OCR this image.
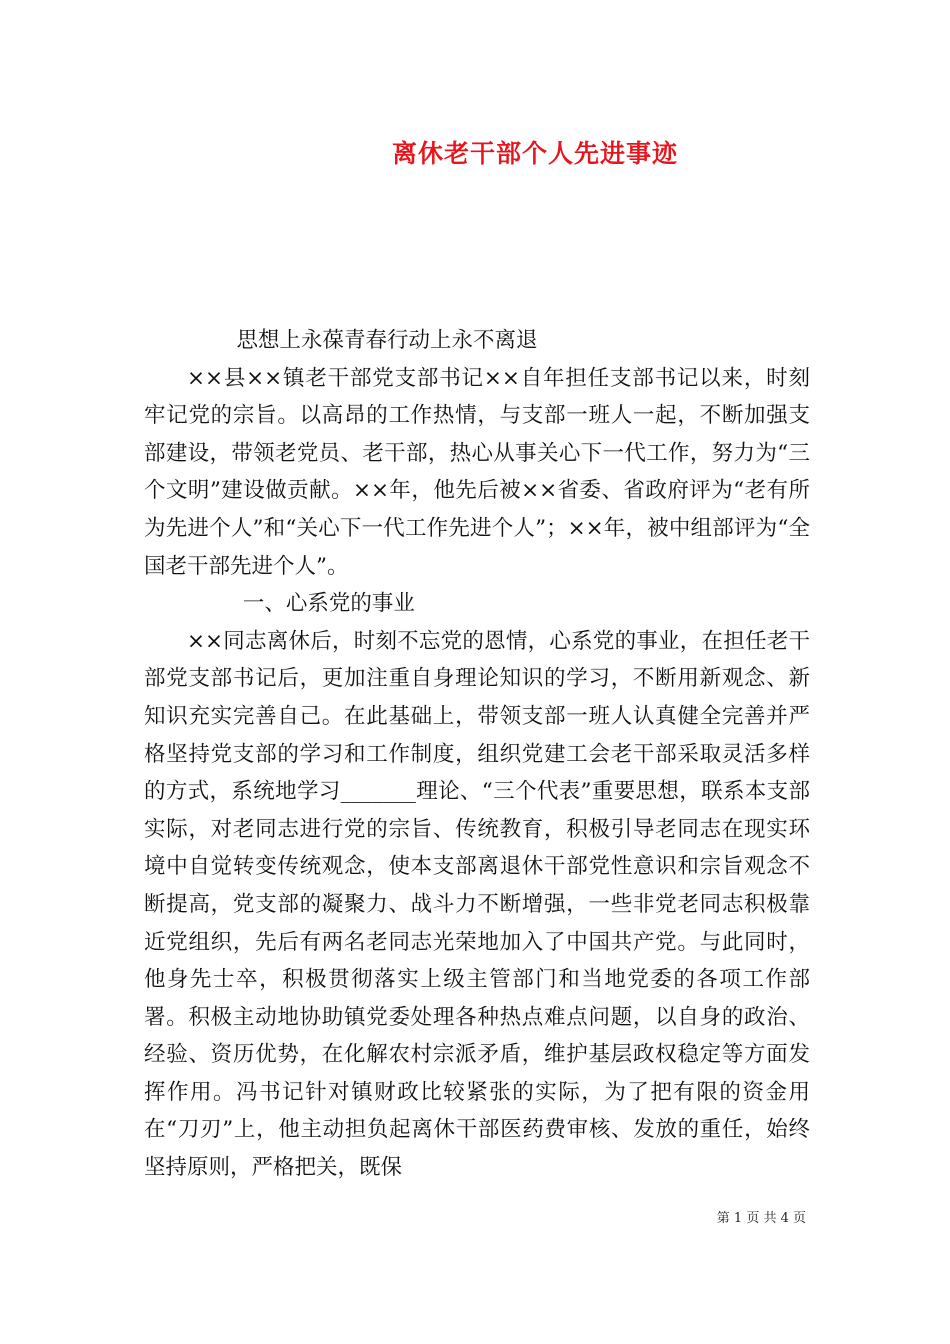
离休老干部个人先进事迹

思想上永葆青春行动上永不离退

××县××镇老干部党支部书记××自年担任支部书记以来，时刻牢记党的宗旨。以高昂的工作热情，与支部一班人一起，不断加强支部建设，带领老党员、老干部，热心从事关心下一代工作，努力为“三个文明”建设做贡献。××年，他先后被××省委、省政府评为“老有所为先进个人”和“关心下一代工作先进个人”；××年，被中组部评为“全国老干部先进个人”。

一、心系党的事业

××同志离休后，时刻不忘党的恩情，心系党的事业，在担任老干部党支部书记后，更加注重自身理论知识的学习，不断用新观念、新知识充实完善自己。在此基础上，带领支部一班人认真健全完善并严格坚持党支部的学习和工作制度，组织党建工会老干部采取灵活多样的方式，系统地学习_______理论、“三个代表”重要思想，联系本支部实际，对老同志进行党的宗旨、传统教育，积极引导老同志在现实环境中自觉转变传统观念，使本支部离退休干部党性意识和宗旨观念不断提高，党支部的凝聚力、战斗力不断增强，一些非党老同志积极靠近党组织，先后有两名老同志光荣地加入了中国共产党。与此同时，他身先士卒，积极贯彻落实上级主管部门和当地党委的各项工作部署。积极主动地协助镇党委处理各种热点难点问题，以自身的政治、经验、资历优势，在化解农村宗派矛盾，维护基层政权稳定等方面发挥作用。冯书记针对镇财政比较紧张的实际，为了把有限的资金用在“刀刃”上，他主动担负起离休干部医药费审核、发放的重任，始终坚持原则，严格把关，既保

第 1 页 共 4 页
